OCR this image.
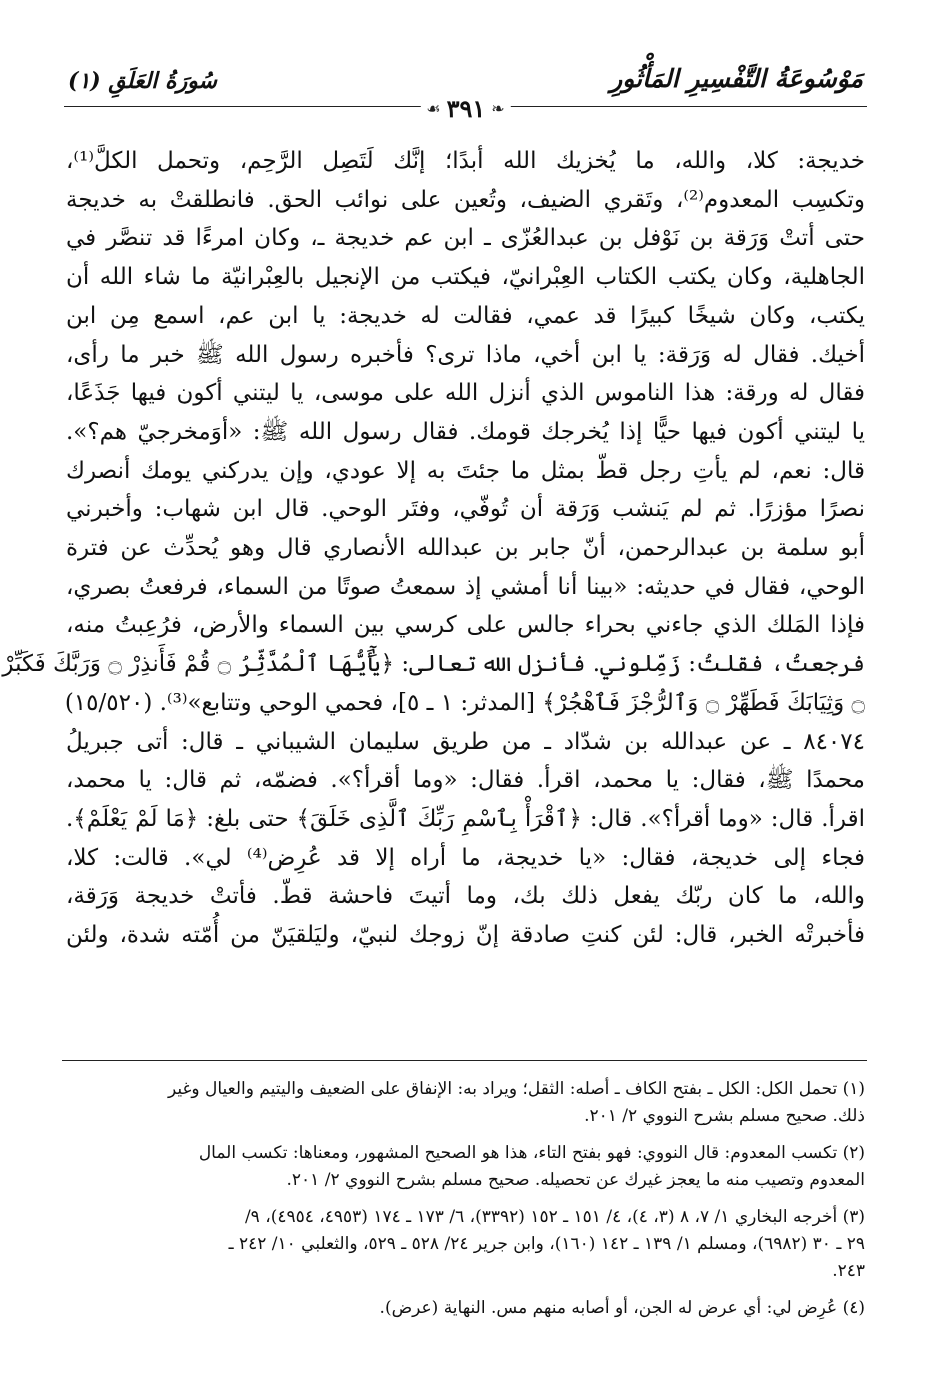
مَوْسُوعَةُ التَّفْسِيرِ المَأْثُورِ
سُورَةُ العَلَقِ (١)
❧
٣٩١
☙
خديجة: كلا، والله، ما يُخزيك الله أبدًا؛ إنَّك لَتَصِل الرَّحِم، وتحمل الكلَّ⁽¹⁾،
وتكسِب المعدوم⁽²⁾، وتَقري الضيف، وتُعين على نوائب الحق. فانطلقتْ به خديجة
حتى أتتْ وَرَقة بن نَوْفل بن عبدالعُزّى ـ ابن عم خديجة ـ، وكان امرءًا قد تنصَّر في
الجاهلية، وكان يكتب الكتاب العِبْرانيّ، فيكتب من الإنجيل بالعِبْرانيّة ما شاء الله أن
يكتب، وكان شيخًا كبيرًا قد عمي، فقالت له خديجة: يا ابن عم، اسمع مِن ابن
أخيك. فقال له وَرَقة: يا ابن أخي، ماذا ترى؟ فأخبره رسول الله ﷺ خبر ما رأى،
فقال له ورقة: هذا الناموس الذي أنزل الله على موسى، يا ليتني أكون فيها جَذَعًا،
يا ليتني أكون فيها حيًّا إذا يُخرجك قومك. فقال رسول الله ﷺ: «أوَمخرجيّ هم؟».
قال: نعم، لم يأتِ رجل قطّ بمثل ما جئتَ به إلا عودي، وإن يدركني يومك أنصرك
نصرًا مؤزرًا. ثم لم يَنشب وَرَقة أن تُوفّي، وفتَر الوحي. قال ابن شهاب: وأخبرني
أبو سلمة بن عبدالرحمن، أنّ جابر بن عبدالله الأنصاري قال وهو يُحدِّث عن فترة
الوحي، فقال في حديثه: «بينا أنا أمشي إذ سمعتُ صوتًا من السماء، فرفعتُ بصري،
فإذا المَلك الذي جاءني بحراء جالس على كرسي بين السماء والأرض، فرُعِبتُ منه،
فرجعتُ، فقلتُ: زَمِّلوني. فأنزل الله تعالى: ﴿يَٰٓأَيُّهَا ٱلْمُدَّثِّرُ ۝ قُمْ فَأَنذِرْ ۝ وَرَبَّكَ فَكَبِّرْ
۝ وَثِيَابَكَ فَطَهِّرْ ۝ وَٱلرُّجْزَ فَٱهْجُرْ﴾ [المدثر: ١ ـ ٥]، فحمي الوحي وتتابع»⁽³⁾. (١٥/٥٢٠)
٨٤٠٧٤ ـ عن عبدالله بن شدّاد ـ من طريق سليمان الشيباني ـ قال: أتى جبريلُ
محمدًا ﷺ، فقال: يا محمد، اقرأ. فقال: «وما أقرأ؟». فضمّه، ثم قال: يا محمد،
اقرأ. قال: «وما أقرأ؟». قال: ﴿ٱقْرَأْ بِٱسْمِ رَبِّكَ ٱلَّذِى خَلَقَ﴾ حتى بلغ: ﴿مَا لَمْ يَعْلَمْ﴾.
فجاء إلى خديجة، فقال: «يا خديجة، ما أراه إلا قد عُرِض⁽⁴⁾ لي». قالت: كلا،
والله، ما كان ربّك يفعل ذلك بك، وما أتيتَ فاحشة قطّ. فأتتْ خديجة وَرَقة،
فأخبرتْه الخبر، قال: لئن كنتِ صادقة إنّ زوجك لنبيّ، وليَلقيَنّ من أُمّته شدة، ولئن
(١) تحمل الكل: الكل ـ بفتح الكاف ـ أصله: الثقل؛ ويراد به: الإنفاق على الضعيف واليتيم والعيال وغير
ذلك. صحيح مسلم بشرح النووي ٢/ ٢٠١.
(٢) تكسب المعدوم: قال النووي: فهو بفتح التاء، هذا هو الصحيح المشهور، ومعناها: تكسب المال
المعدوم وتصيب منه ما يعجز غيرك عن تحصيله. صحيح مسلم بشرح النووي ٢/ ٢٠١.
(٣) أخرجه البخاري ١/ ٧، ٨ (٣، ٤)، ٤/ ١٥١ ـ ١٥٢ (٣٣٩٢)، ٦/ ١٧٣ ـ ١٧٤ (٤٩٥٣، ٤٩٥٤)، ٩/
٢٩ ـ ٣٠ (٦٩٨٢)، ومسلم ١/ ١٣٩ ـ ١٤٢ (١٦٠)، وابن جرير ٢٤/ ٥٢٨ ـ ٥٢٩، والثعلبي ١٠/ ٢٤٢ ـ
٢٤٣.
(٤) عُرِض لي: أي عرض له الجن، أو أصابه منهم مس. النهاية (عرض).
